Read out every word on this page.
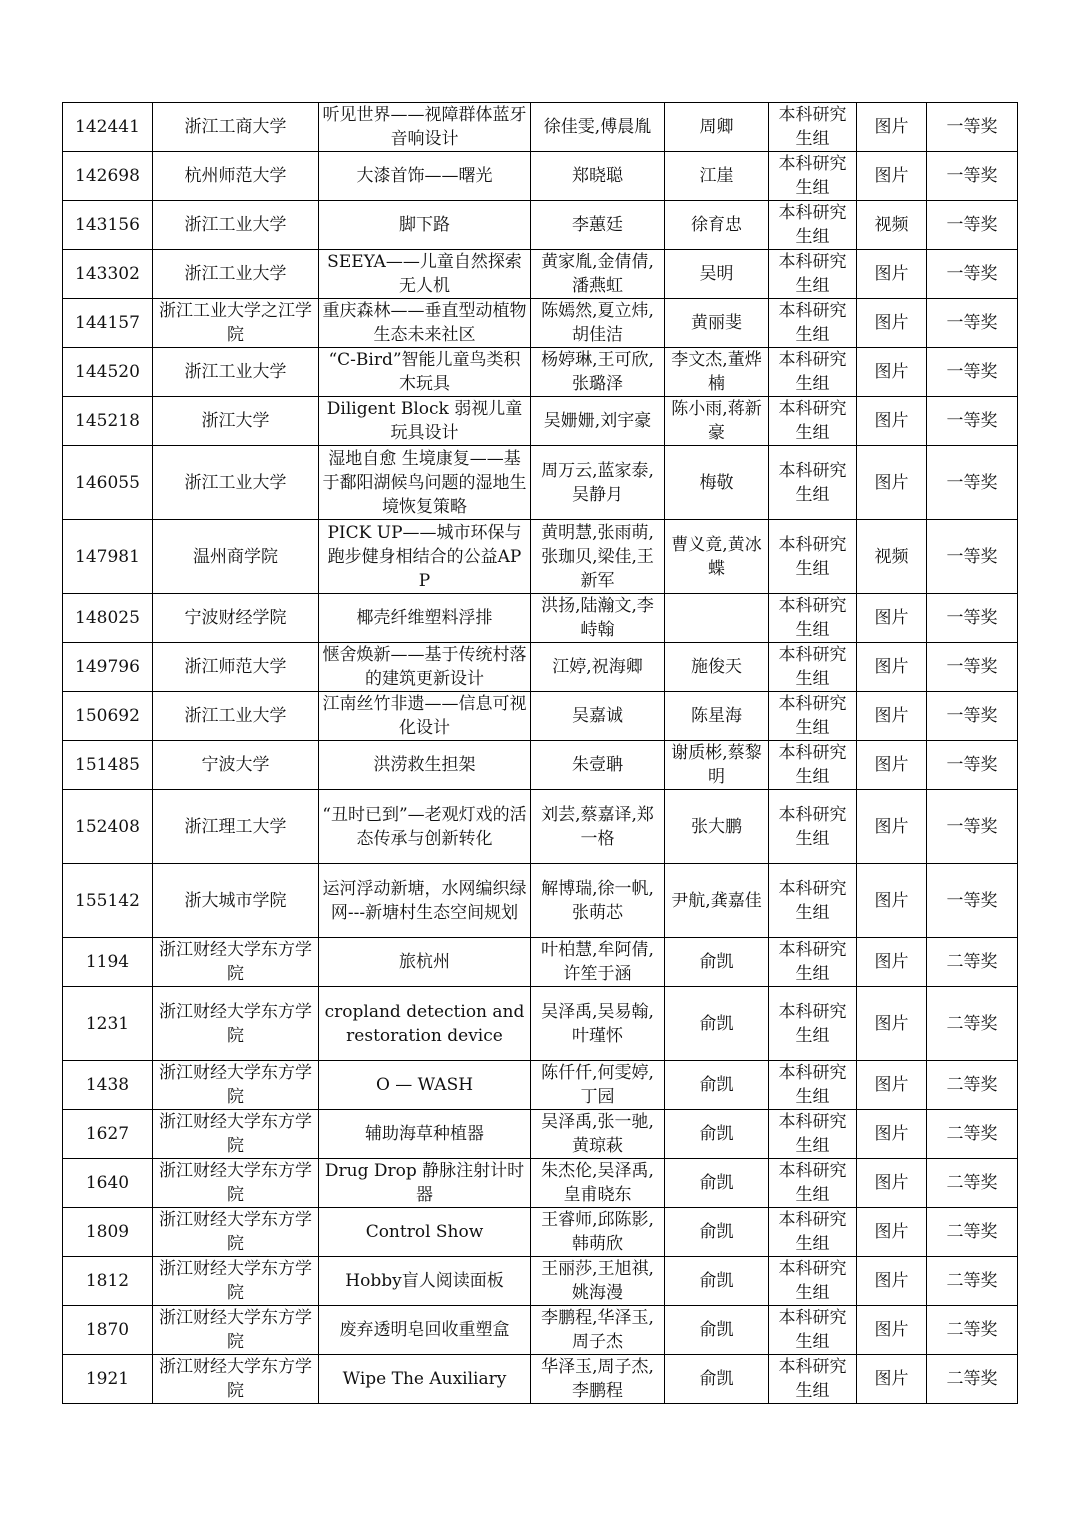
142441	浙江工商大学	听见世界——视障群体蓝牙音响设计	徐佳雯,傅晨胤	周卿	本科研究生组	图片	一等奖
142698	杭州师范大学	大漆首饰——曙光	郑晓聪	江崖	本科研究生组	图片	一等奖
143156	浙江工业大学	脚下路	李蕙廷	徐育忠	本科研究生组	视频	一等奖
143302	浙江工业大学	SEEYA——儿童自然探索无人机	黄家胤,金倩倩,潘燕虹	吴明	本科研究生组	图片	一等奖
144157	浙江工业大学之江学院	重庆森林——垂直型动植物生态未来社区	陈嫣然,夏立炜,胡佳洁	黄丽斐	本科研究生组	图片	一等奖
144520	浙江工业大学	“C-Bird”智能儿童鸟类积木玩具	杨婷琳,王可欣,张璐泽	李文杰,董烨楠	本科研究生组	图片	一等奖
145218	浙江大学	Diligent Block 弱视儿童玩具设计	吴姗姗,刘宇豪	陈小雨,蒋新豪	本科研究生组	图片	一等奖
146055	浙江工业大学	湿地自愈 生境康复——基于鄱阳湖候鸟问题的湿地生境恢复策略	周万云,蓝家泰,吴静月	梅敬	本科研究生组	图片	一等奖
147981	温州商学院	PICK UP——城市环保与跑步健身相结合的公益APP	黄明慧,张雨萌,张珈贝,梁佳,王新军	曹义竟,黄冰蝶	本科研究生组	视频	一等奖
148025	宁波财经学院	椰壳纤维塑料浮排	洪扬,陆瀚文,李峙翰		本科研究生组	图片	一等奖
149796	浙江师范大学	惬舍焕新——基于传统村落的建筑更新设计	江婷,祝海卿	施俊天	本科研究生组	图片	一等奖
150692	浙江工业大学	江南丝竹非遗——信息可视化设计	吴嘉诚	陈星海	本科研究生组	图片	一等奖
151485	宁波大学	洪涝救生担架	朱壹聃	谢质彬,蔡黎明	本科研究生组	图片	一等奖
152408	浙江理工大学	“丑时已到”—老观灯戏的活态传承与创新转化	刘芸,蔡嘉译,郑一格	张大鹏	本科研究生组	图片	一等奖
155142	浙大城市学院	运河浮动新塘，水网编织绿网---新塘村生态空间规划	解博瑞,徐一帆,张萌芯	尹航,龚嘉佳	本科研究生组	图片	一等奖
1194	浙江财经大学东方学院	旅杭州	叶柏慧,牟阿倩,许笙于涵	俞凯	本科研究生组	图片	二等奖
1231	浙江财经大学东方学院	cropland detection and restoration device	吴泽禹,吴易翰,叶瑾怀	俞凯	本科研究生组	图片	二等奖
1438	浙江财经大学东方学院	O — WASH	陈仟仟,何雯婷, 丁园	俞凯	本科研究生组	图片	二等奖
1627	浙江财经大学东方学院	辅助海草种植器	吴泽禹,张一驰,黄琼萩	俞凯	本科研究生组	图片	二等奖
1640	浙江财经大学东方学院	Drug Drop 静脉注射计时器	朱杰伦,吴泽禹,皇甫晓东	俞凯	本科研究生组	图片	二等奖
1809	浙江财经大学东方学院	Control Show	王睿师,邱陈影,韩萌欣	俞凯	本科研究生组	图片	二等奖
1812	浙江财经大学东方学院	Hobby盲人阅读面板	王丽莎,王旭祺,姚海漫	俞凯	本科研究生组	图片	二等奖
1870	浙江财经大学东方学院	废弃透明皂回收重塑盒	李鹏程,华泽玉,周子杰	俞凯	本科研究生组	图片	二等奖
1921	浙江财经大学东方学院	Wipe The Auxiliary	华泽玉,周子杰,李鹏程	俞凯	本科研究生组	图片	二等奖
